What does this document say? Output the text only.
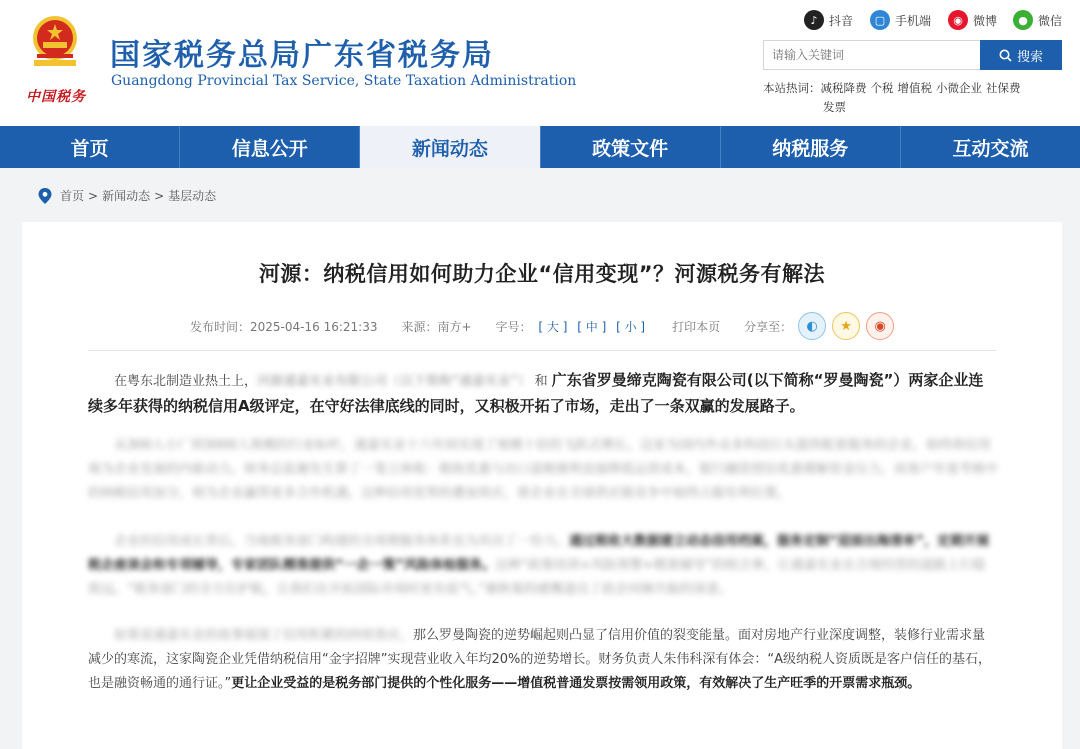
中国税务
国家税务总局广东省税务局
Guangdong Provincial Tax Service, State Taxation Administration
♪ 抖音	▢ 手机端	◉ 微博	● 微信
请输入关键词
搜索
本站热词：减税降费 个税 增值税 小微企业 社保费
发票
首页	信息公开	新闻动态	政策文件	纳税服务	互动交流
首页 > 新闻动态 > 基层动态
河源：纳税信用如何助力企业“信用变现”？河源税务有解法
发布时间：2025-04-16 16:21:33 来源：南方+ 字号： [ 大 ] [ 中 ] [ 小 ] 打印本页 分享至：	◐	★	◉
在粤东北制造业热土上，河源通嘉实业有限公司（以下简称“通嘉实业”） 和 广东省罗曼缔克陶瓷有限公司(以下简称“罗曼陶瓷”）两家企业连续多年获得的纳税信用A级评定，在守好法律底线的同时，又积极开拓了市场，走出了一条双赢的发展路子。
从300人小厂到3000人规模的行业标杆，通嘉实业十六年间实现了规模十倍的飞跃式增长。这家为国内外众多科技巨头提供配套服务的企业，始终将信用视为企业发展的内驱动力。财务总监谢先生算了一笔立体账：税收优惠与出口退税便利直接降低运营成本，银行融资授信优惠缓解资金压力，而客户年度考核中的纳税信用加分，则为企业赢得更多合作机遇。这种信用优势的叠加效应，使企业在全球供应链竞争中始终占据有利位置。
企业的信用成长背后，当地税务部门构建的全周期服务体系也为其出了一份力。通过税收大数据建立动态信用档案，服务定制“迎面出海清单”，定期开展税企座谈会和专项辅导，专家团队精准提供“一企一策”风险体检服务。这种“政策培训+风险预警+精准辅导”的组合拳，让通嘉实业在合规经营的道路上行稳致远。“税务部门的全方位护航，让我们在开拓国际市场时更有底气。”谢秋菊的感慨道出了政企同频共振的深意。
如果说通嘉实业的故事展现了信用积累的持续效应，那么罗曼陶瓷的逆势崛起则凸显了信用价值的裂变能量。面对房地产行业深度调整，装修行业需求量减少的寒流，这家陶瓷企业凭借纳税信用“金字招牌”实现营业收入年均20%的逆势增长。财务负责人朱伟科深有体会：“A级纳税人资质既是客户信任的基石，也是融资畅通的通行证。”更让企业受益的是税务部门提供的个性化服务——增值税普通发票按需领用政策，有效解决了生产旺季的开票需求瓶颈。
